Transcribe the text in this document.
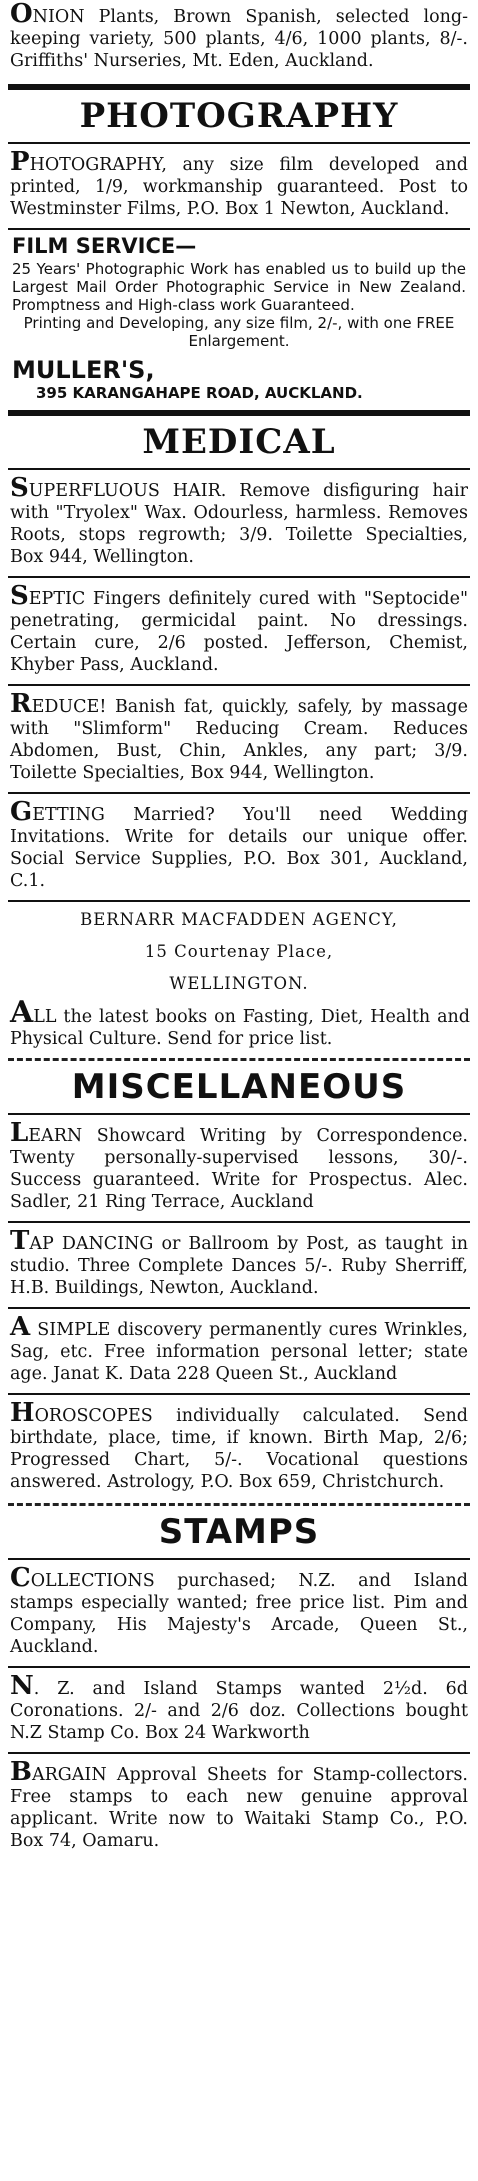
ONION Plants, Brown Spanish, selected long-keeping variety, 500 plants, 4/6, 1000 plants, 8/-. Griffiths' Nurseries, Mt. Eden, Auckland.

PHOTOGRAPHY

PHOTOGRAPHY, any size film developed and printed, 1/9, workmanship guaranteed. Post to Westminster Films, P.O. Box 1 Newton, Auckland.

FILM SERVICE—

25 Years' Photographic Work has enabled us to build up the Largest Mail Order Photographic Service in New Zealand. Promptness and High-class work Guaranteed.

Printing and Developing, any size film, 2/-, with one FREE Enlargement.

MULLER'S,
395 KARANGAHAPE ROAD, AUCKLAND.
MEDICAL

SUPERFLUOUS HAIR. Remove disfiguring hair with "Tryolex" Wax. Odourless, harmless. Removes Roots, stops regrowth; 3/9. Toilette Specialties, Box 944, Wellington.

SEPTIC Fingers definitely cured with "Septocide" penetrating, germicidal paint. No dressings. Certain cure, 2/6 posted. Jefferson, Chemist, Khyber Pass, Auckland.

REDUCE! Banish fat, quickly, safely, by massage with "Slimform" Reducing Cream. Reduces Abdomen, Bust, Chin, Ankles, any part; 3/9. Toilette Specialties, Box 944, Wellington.

GETTING Married? You'll need Wedding Invitations. Write for details our unique offer. Social Service Supplies, P.O. Box 301, Auckland, C.1.

BERNARR MACFADDEN AGENCY,
15 Courtenay Place,
WELLINGTON.

ALL the latest books on Fasting, Diet, Health and Physical Culture. Send for price list.

MISCELLANEOUS

LEARN Showcard Writing by Correspondence. Twenty personally-supervised lessons, 30/-. Success guaranteed. Write for Prospectus. Alec. Sadler, 21 Ring Terrace, Auckland

TAP DANCING or Ballroom by Post, as taught in studio. Three Complete Dances 5/-. Ruby Sherriff, H.B. Buildings, Newton, Auckland.

A SIMPLE discovery permanently cures Wrinkles, Sag, etc. Free information personal letter; state age. Janat K. Data 228 Queen St., Auckland

HOROSCOPES individually calculated. Send birthdate, place, time, if known. Birth Map, 2/6; Progressed Chart, 5/-. Vocational questions answered. Astrology, P.O. Box 659, Christchurch.

STAMPS

COLLECTIONS purchased; N.Z. and Island stamps especially wanted; free price list. Pim and Company, His Majesty's Arcade, Queen St., Auckland.

N. Z. and Island Stamps wanted 2½d. 6d Coronations. 2/- and 2/6 doz. Collections bought N.Z Stamp Co. Box 24 Warkworth

BARGAIN Approval Sheets for Stamp-collectors. Free stamps to each new genuine approval applicant. Write now to Waitaki Stamp Co., P.O. Box 74, Oamaru.
